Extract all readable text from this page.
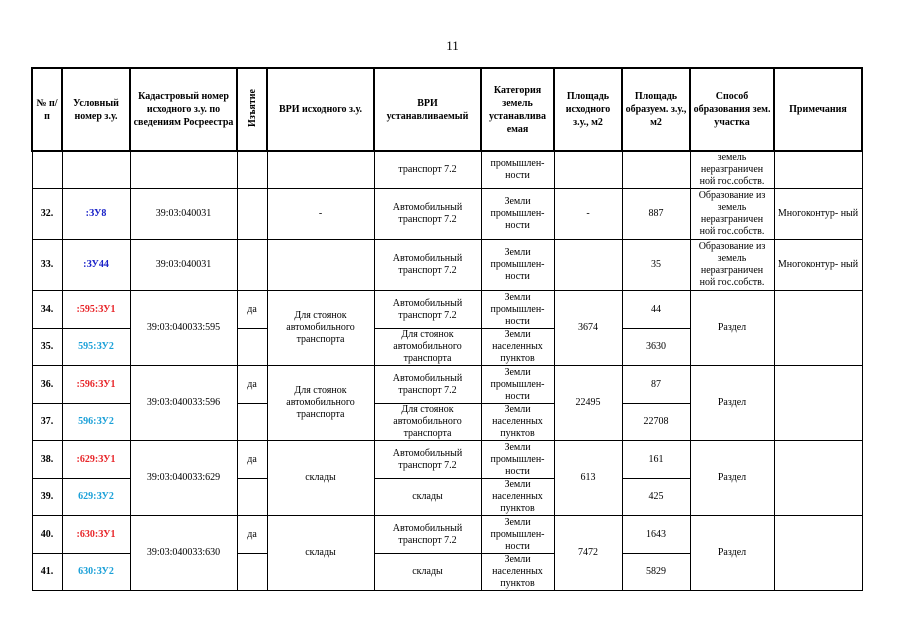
11
№ п/п	Условный номер з.у.	Кадастровый номер исходного з.у. по сведениям Росреестра	Изъятие	ВРИ исходного з.у.	ВРИ устанавливаемый	Категория земель устанавлива емая	Площадь исходного з.у., м2	Площадь образуем. з.у., м2	Способ образования зем. участка	Примечания
					транспорт 7.2	промышлен- ности			земель неразграничен ной гос.собств.	
32.	:ЗУ8	39:03:040031		-	Автомобильный транспорт 7.2	Земли промышлен- ности	-	887	Образование из земель неразграничен ной гос.собств.	Многоконтур- ный
33.	:ЗУ44	39:03:040031			Автомобильный транспорт 7.2	Земли промышлен- ности		35	Образование из земель неразграничен ной гос.собств.	Многоконтур- ный
34.	:595:ЗУ1	39:03:040033:595	да	Для стоянок автомобильного транспорта	Автомобильный транспорт 7.2	Земли промышлен- ности	3674	44	Раздел	
35.	595:ЗУ2				Для стоянок автомобильного транспорта	Земли населенных пунктов		3630		
36.	:596:ЗУ1	39:03:040033:596	да	Для стоянок автомобильного транспорта	Автомобильный транспорт 7.2	Земли промышлен- ности	22495	87	Раздел	
37.	596:ЗУ2				Для стоянок автомобильного транспорта	Земли населенных пунктов		22708		
38.	:629:ЗУ1	39:03:040033:629	да	склады	Автомобильный транспорт 7.2	Земли промышлен- ности	613	161	Раздел	
39.	629:ЗУ2				склады	Земли населенных пунктов		425		
40.	:630:ЗУ1	39:03:040033:630	да	склады	Автомобильный транспорт 7.2	Земли промышлен- ности	7472	1643	Раздел	
41.	630:ЗУ2				склады	Земли населенных пунктов		5829		
